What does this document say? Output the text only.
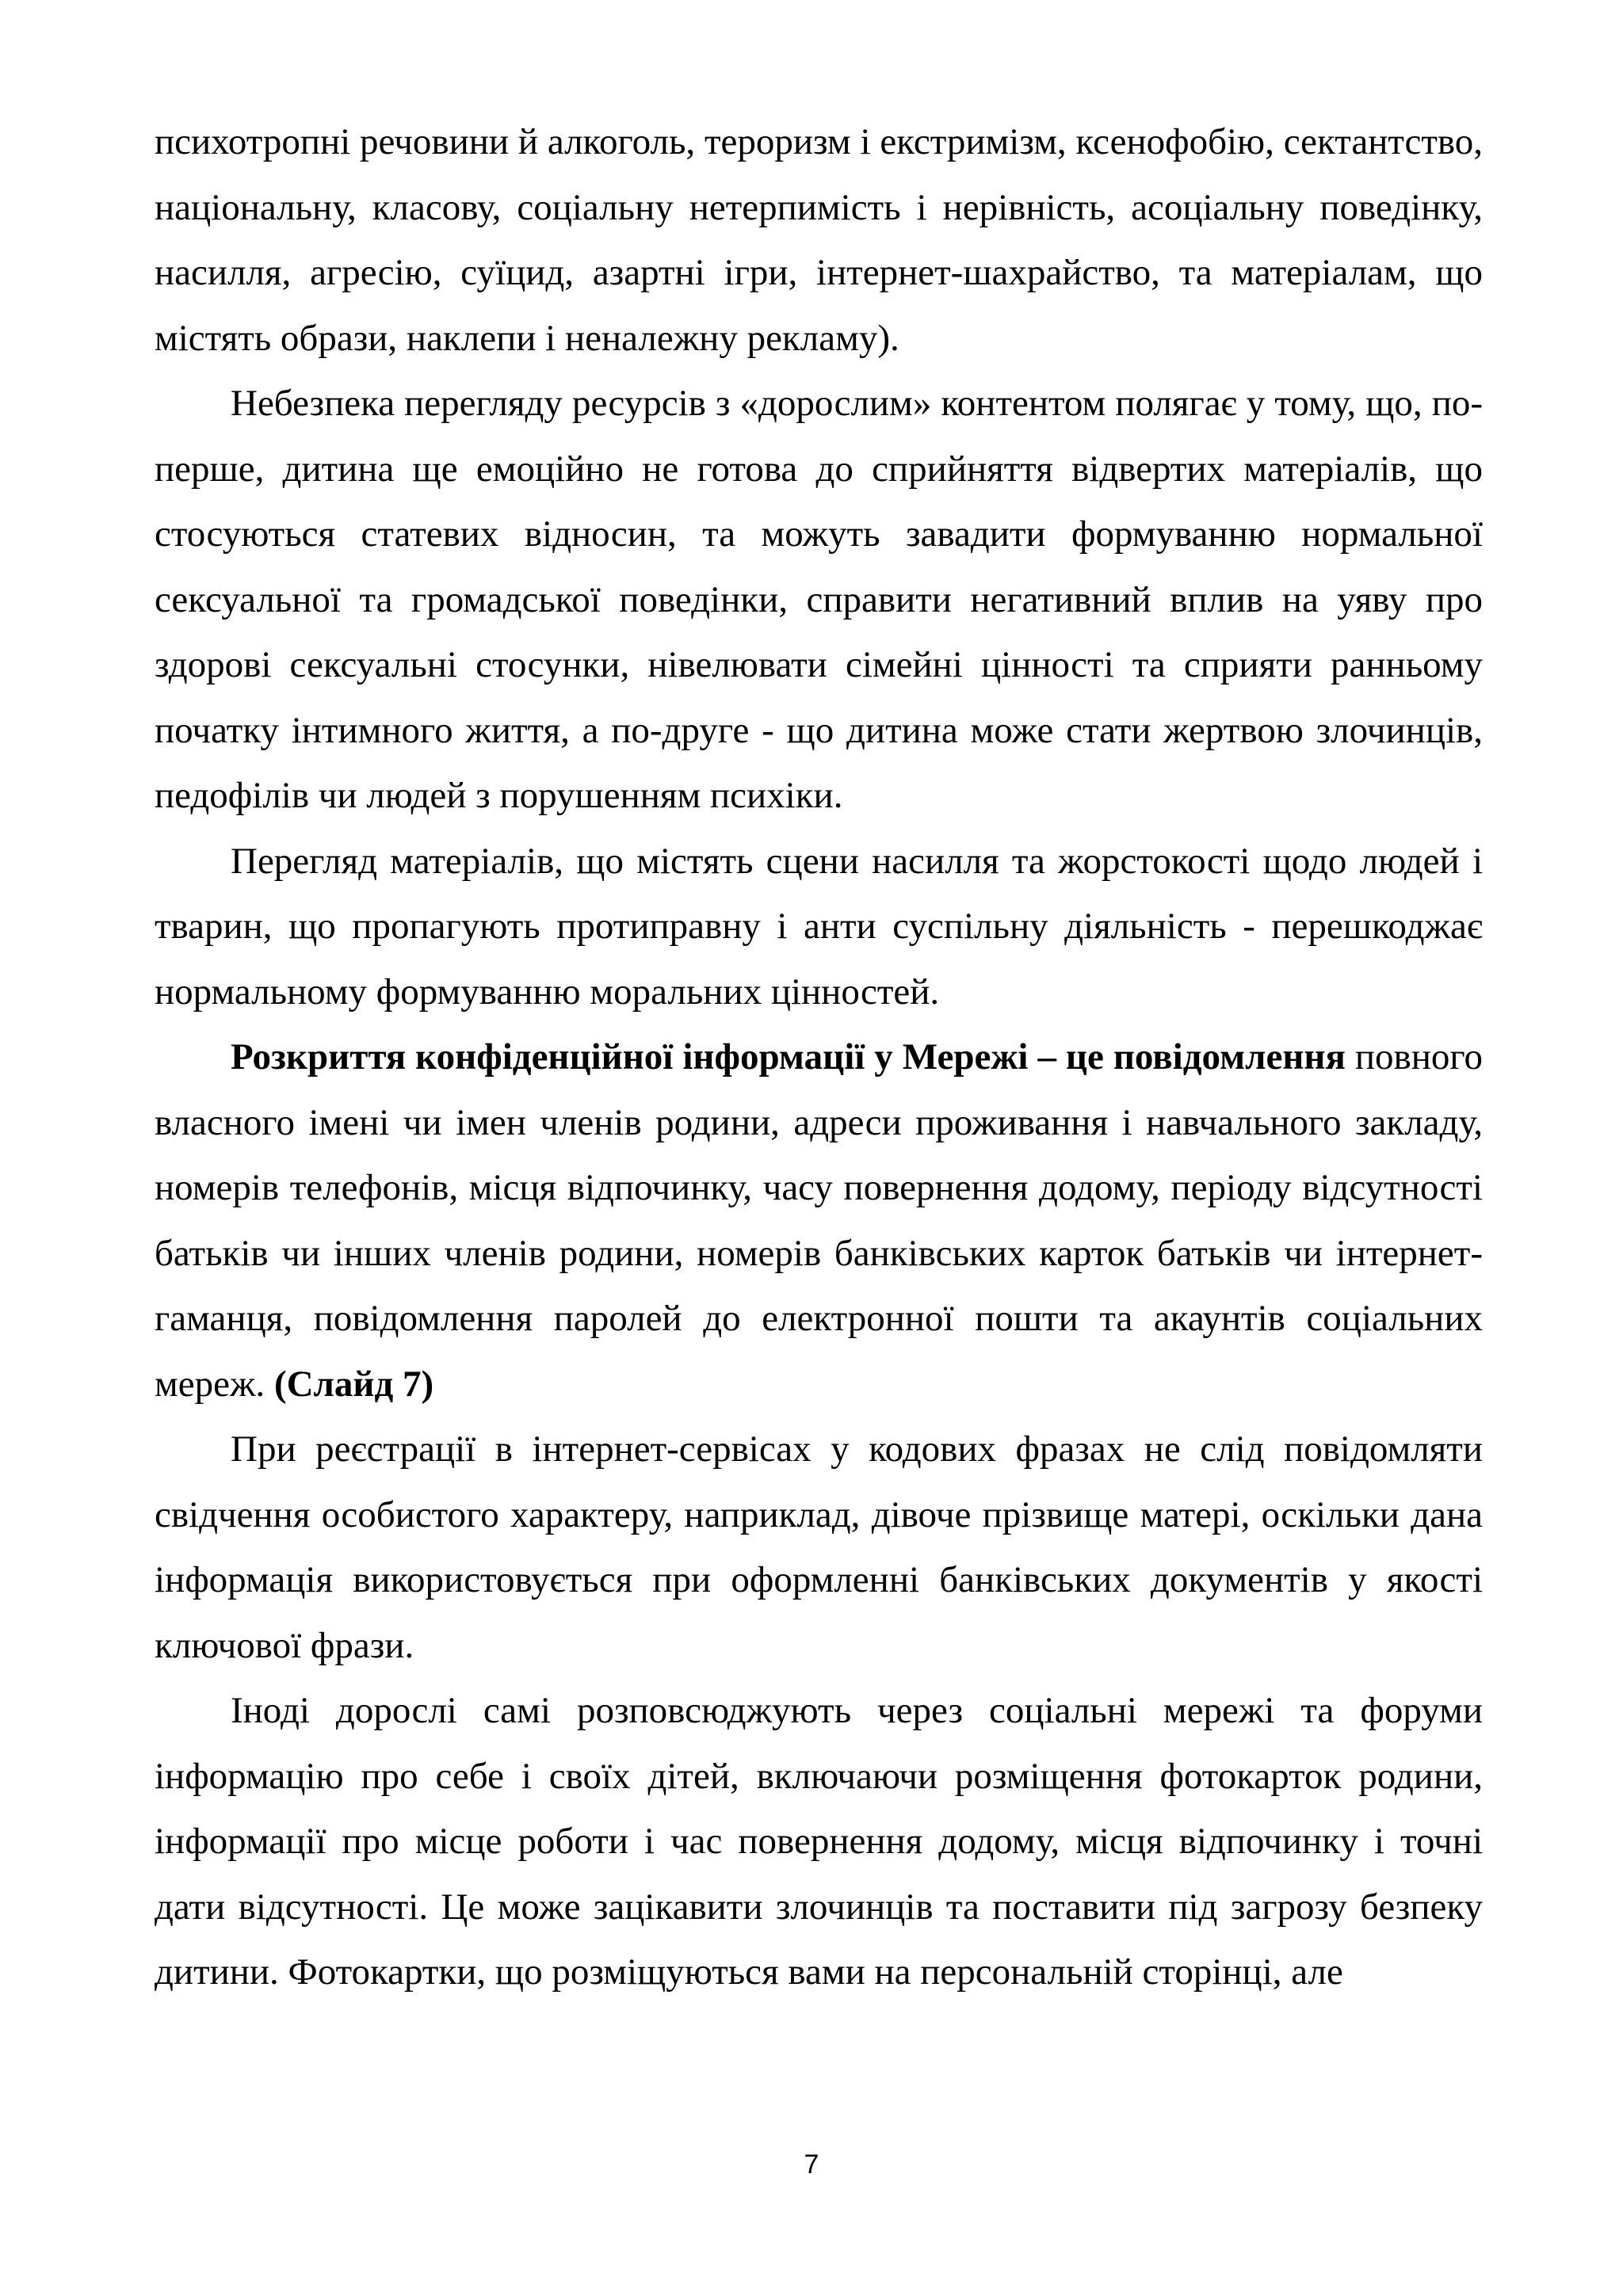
психотропні речовини й алкоголь, тероризм і екстримізм, ксенофобію, сектантство, національну, класову, соціальну нетерпимість і нерівність, асоціальну поведінку, насилля, агресію, суїцид, азартні ігри, інтернет-шахрайство, та матеріалам, що містять образи, наклепи і неналежну рекламу).

Небезпека перегляду ресурсів з «дорослим» контентом полягає у тому, що, по-перше, дитина ще емоційно не готова до сприйняття відвертих матеріалів, що стосуються статевих відносин, та можуть завадити формуванню нормальної сексуальної та громадської поведінки, справити негативний вплив на уяву про здорові сексуальні стосунки, нівелювати сімейні цінності та сприяти ранньому початку інтимного життя, а по-друге - що дитина може стати жертвою злочинців, педофілів чи людей з порушенням психіки.

Перегляд матеріалів, що містять сцени насилля та жорстокості щодо людей і тварин, що пропагують протиправну і анти суспільну діяльність - перешкоджає нормальному формуванню моральних цінностей.

Розкриття конфіденційної інформації у Мережі – це повідомлення повного власного імені чи імен членів родини, адреси проживання і навчального закладу, номерів телефонів, місця відпочинку, часу повернення додому, періоду відсутності батьків чи інших членів родини, номерів банківських карток батьків чи інтернет-гаманця, повідомлення паролей до електронної пошти та акаунтів соціальних мереж. (Слайд 7)

При реєстрації в інтернет-сервісах у кодових фразах не слід повідомляти свідчення особистого характеру, наприклад, дівоче прізвище матері, оскільки дана інформація використовується при оформленні банківських документів у якості ключової фрази.

Іноді дорослі самі розповсюджують через соціальні мережі та форуми інформацію про себе і своїх дітей, включаючи розміщення фотокарток родини, інформації про місце роботи і час повернення додому, місця відпочинку і точні дати відсутності. Це може зацікавити злочинців та поставити під загрозу безпеку дитини. Фотокартки, що розміщуються вами на персональній сторінці, але

7
